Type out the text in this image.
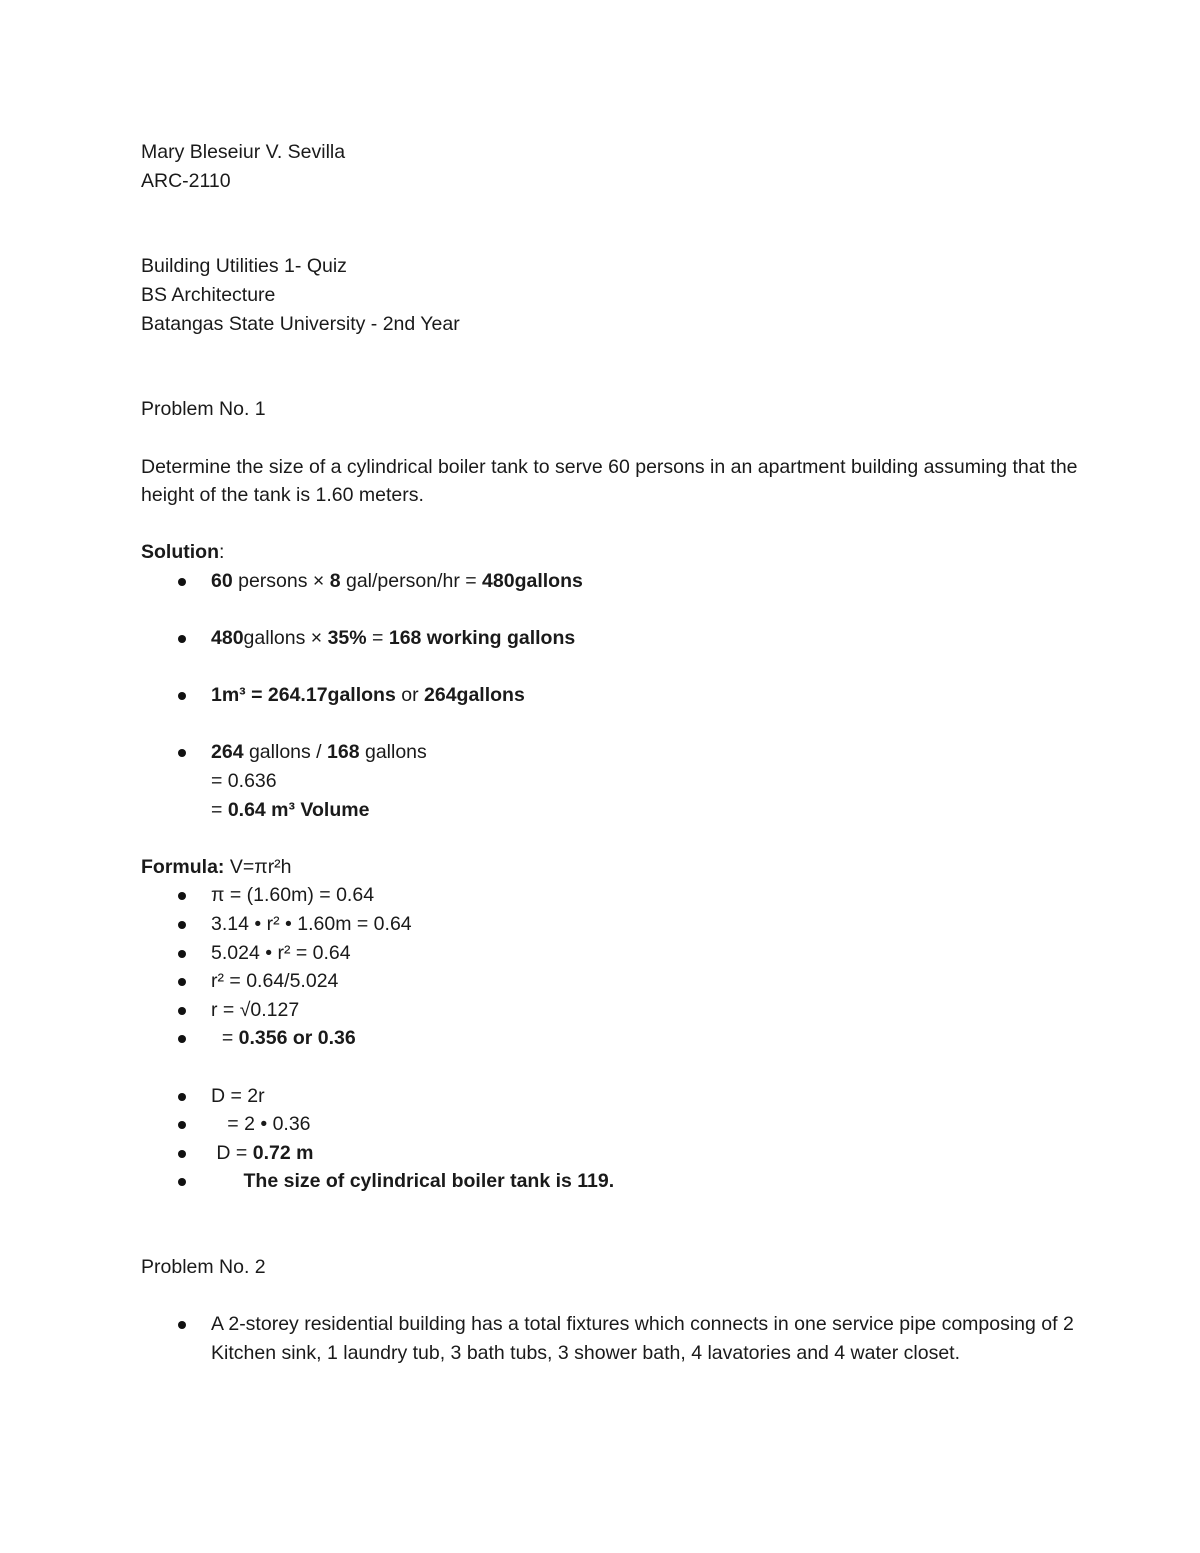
Mary Bleseiur V. Sevilla
ARC-2110
Building Utilities 1- Quiz
BS Architecture
Batangas State University - 2nd Year
Problem No. 1
Determine the size of a cylindrical boiler tank to serve 60 persons in an apartment building assuming that the height of the tank is 1.60 meters.
Solution:
60 persons × 8 gal/person/hr = 480gallons
480gallons × 35% = 168 working gallons
1m³ = 264.17gallons or 264gallons
264 gallons / 168 gallons
= 0.636
= 0.64 m³ Volume
Formula: V=πr²h
π = (1.60m) = 0.64
3.14 • r² • 1.60m = 0.64
5.024 • r² = 0.64
r² = 0.64/5.024
r = √0.127
= 0.356 or 0.36
D = 2r
= 2 • 0.36
D = 0.72 m
The size of cylindrical boiler tank is 119.
Problem No. 2
A 2-storey residential building has a total fixtures which connects in one service pipe composing of 2 Kitchen sink, 1 laundry tub, 3 bath tubs, 3 shower bath, 4 lavatories and 4 water closet.
